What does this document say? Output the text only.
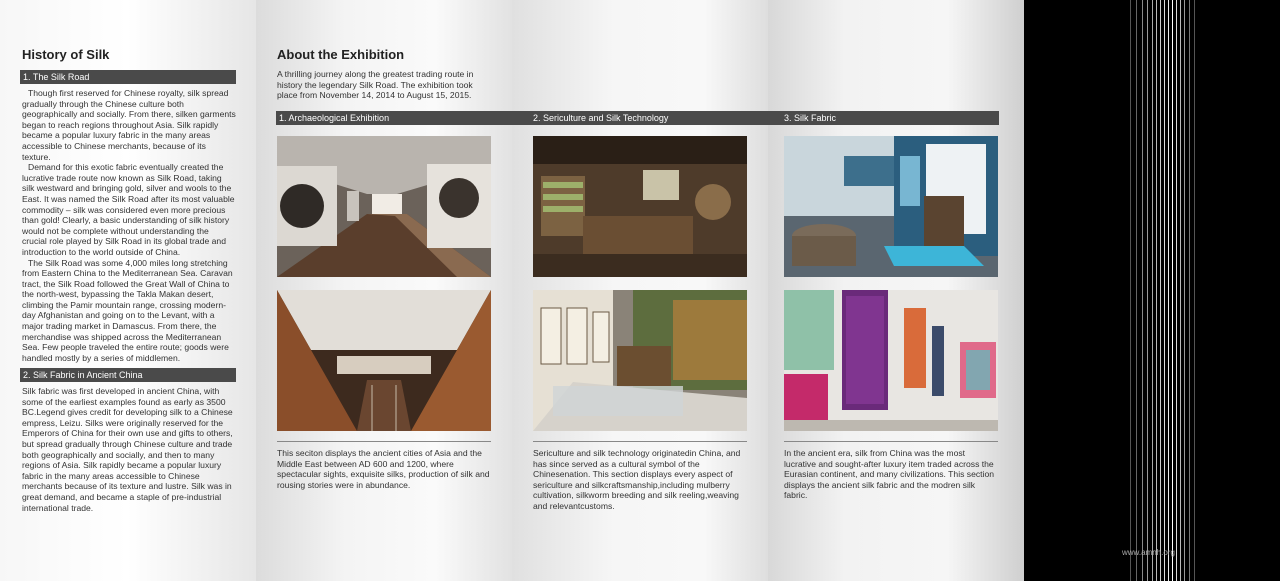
History of Silk
1. The Silk Road

Though first reserved for Chinese royalty, silk spread gradually through the Chinese culture both geographically and socially. From there, silken garments began to reach regions throughout Asia. Silk rapidly became a popular luxury fabric in the many areas accessible to Chinese merchants, because of its texture.

Demand for this exotic fabric eventually created the lucrative trade route now known as Silk Road, taking silk westward and bringing gold, silver and wools to the East. It was named the Silk Road after its most valuable commodity – silk was considered even more precious than gold! Clearly, a basic understanding of silk history would not be complete without understanding the crucial role played by Silk Road in its global trade and introduction to the world outside of China.

The Silk Road was some 4,000 miles long stretching from Eastern China to the Mediterranean Sea. Caravan tract, the Silk Road followed the Great Wall of China to the north-west, bypassing the Takla Makan desert, climbing the Pamir mountain range, crossing modern-day Afghanistan and going on to the Levant, with a major trading market in Damascus. From there, the merchandise was shipped across the Mediterranean Sea. Few people traveled the entire route; goods were handled mostly by a series of middlemen.

2. Silk Fabric in Ancient China
Silk fabric was first developed in ancient China, with some of the earliest examples found as early as 3500 BC.Legend gives credit for developing silk to a Chinese empress, Leizu. Silks were originally reserved for the Emperors of China for their own use and gifts to others, but spread gradually through Chinese culture and trade both geographically and socially, and then to many regions of Asia. Silk rapidly became a popular luxury fabric in the many areas accessible to Chinese merchants because of its texture and lustre. Silk was in great demand, and became a staple of pre-industrial international trade.
About the Exhibition
A thrilling journey along the greatest trading route in history the legendary Silk Road. The exhibition took place from November 14, 2014 to August 15, 2015.
1. Archaeological Exhibition	2. Sericulture and Silk Technology	3. Silk Fabric
This seciton displays the ancient cities of Asia and the Middle East between AD 600 and 1200, where spectacular sights, exquisite silks, production of silk and rousing stories were in abundance.
Sericulture and silk technology originatedin China, and has since served as a cultural symbol of the Chinesenation. This section displays every aspect of sericulture and silkcraftsmanship,including mulberry cultivation, silkworm breeding and silk reeling,weaving and relevantcustoms.
In the ancient era, silk from China was the most lucrative and sought-after luxury item traded across the Eurasian continent, and many civilizations. This section displays the ancient silk fabric and the modren silk fabric.
www.amnh.org
